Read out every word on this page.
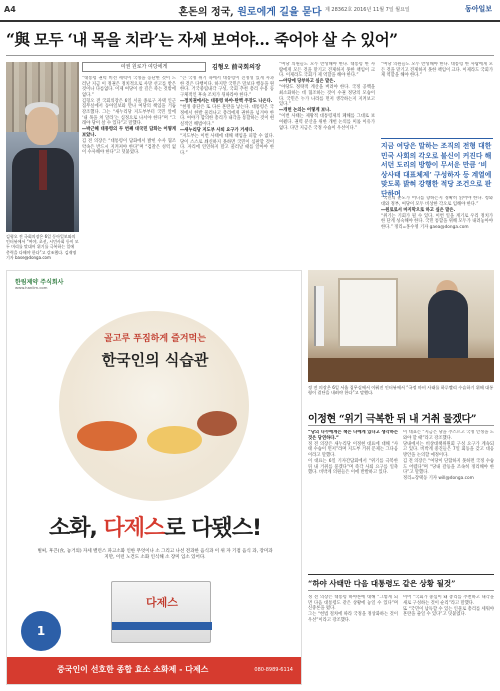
A4	혼돈의 정국, 원로에게 길을 묻다 제 28362호 2016년 11월 7일 월요일	동아일보
“與 모두 ‘내 목을 치라’는 자세 보여야… 죽어야 살 수 있어”
김형오 전 국회의장은 6일 동아일보와의 인터뷰에서 “여야, 초선, 시민사회 등이 모두 머리를 맞대어 위기를 극복하는 일에 총력을 다해야 한다”고 강조했다. 김재명 기자 base@donga.com
여권 원로가 여당에게	김형오 前국회의장

“대통령 권력 비선 세력이 국정을 농단한 것이 드러난 지금 이 정권은 정치적으로 사망 선고를 받은 것이나 다름없다. 이제 여당이 살 길은 죽는 것밖에 없다.”

김형오 전 국회의장은 6일 서울 종로구 자택 인근 집무실에서 동아일보와 만나 여당의 책임을 거듭 강조했다. 그는 “새누리당 지도부부터 국민 앞에 ‘내 목을 쳐 달라’는 심정으로 나서야 한다”며 “그래야 당이 살 수 있다”고 말했다.

―박근혜 대통령의 두 번째 대국민 담화는 어떻게 보았나.

김 전 의장은 “대통령이 담화에서 밝힌 수사 협조 약속은 반드시 지켜져야 한다”며 “검찰은 성역 없이 수사해야 한다”고 덧붙였다.

“큰 국정 위기 속에서 대통령이 진정성 있게 사과한 것은 다행이다. 하지만 국민은 말보다 행동을 원한다. 거국중립내각 구성, 국회 추천 총리 수용 등 구체적인 후속 조치가 뒤따라야 한다.”

―정치권에서는 대통령 하야·탄핵 주장도 나온다.

“헌정 중단은 또 다른 혼란을 낳는다. 대통령은 국정에서 한발 물러나고 총리에게 권한을 넘겨야 한다. 여야가 합의한 총리가 내각을 통할하는 것이 현실적인 해법이다.”

―새누리당 지도부 사퇴 요구가 거세다.

“지도부는 이번 사태에 대해 책임을 피할 수 없다. 당이 스스로 쇄신하지 못하면 국민이 심판할 것이다. 자리에 연연하지 말고 물러날 때를 알아야 한다.”

“여당 의원들도 모두 반성해야 한다. 대통령 한 사람에게 모든 것을 맡기고 견제하지 못한 책임이 크다. 이제라도 국회가 제 역할을 해야 한다.”

―야당에 당부하고 싶은 말은.

“야당도 정략적 계산을 버려야 한다. 국정 공백을 최소화하는 데 협조하는 것이 수권 정당의 모습이다. 국민은 누가 나라를 먼저 생각하는지 지켜보고 있다.”

―개헌 논의는 어떻게 보나.

“이번 사태는 제왕적 대통령제의 폐해를 그대로 보여줬다. 권력 분산을 위한 개헌 논의를 미룰 이유가 없다. 다만 지금은 국정 수습이 우선이다.”

“여당 의원들도 모두 반성해야 한다. 대통령 한 사람에게 모든 것을 맡기고 견제하지 못한 책임이 크다. 이제라도 국회가 제 역할을 해야 한다.”

지금 여당은 말하는 조직의 전형 대한민국 사회의 각오로 불신이 커진다 해서던 도리의 방향이 무서운 만큼 ‘비상사태 대표체제’ 구성하자 등 계열에 맞도록 밝혀 강행한 적당 조건으로 판단하며

“국민의 분노가 어디를 향하는지 정확히 읽어야 한다. 청와대와 정부, 여당이 모두 비상한 각오로 임해야 한다.”

―원로로서 마지막으로 하고 싶은 말은.

“위기는 기회가 될 수 있다. 이번 일을 계기로 우리 정치가 한 단계 성숙해야 한다. 국민 통합을 위해 모두가 내려놓아야 한다.” 정리=홍수영 기자 gaea@donga.com

한림제약 주식회사
www.hanlim.com
골고루 푸짐하게 즐겨먹는
한국인의 식습관
소화, 다제스로 다됐스!
벌써, 후끈(食, 놓거의) 자세 밸런스 파고소화 인한 무엇이나 소 그리고 나선 전과한 음식과 이 위 자 기점 음식 과, 장미과 지만, 이런 노건도 소화 인식해 소 장미 입소 있어다.
다제스
1
중국인이 선호한 종합 효소 소화제 - 다제스	080-8989-6114
정 전 의장은 6일 서울 집무실에서 이뤄진 인터뷰에서 “국정 마비 사태를 하루빨리 수습하기 위해 대통령이 결단을 내려야 한다”고 말했다.
이정현 “위기 극복한 뒤 내 거취 물겠다”

“당의 다수에게는 책은 나에게 있다고 생각하는 것은 당연하다.”

정 전 의장은 새누리당 이정현 대표에 대해 “사태 수습이 먼저”라며 지도부 거취 문제는 그다음이라고 말했다.

이 대표는 6일 기자간담회에서 “위기를 극복한 뒤 내 거취를 묻겠다”며 즉각 사퇴 요구를 일축했다. 비박계 의원들은 이에 반발하고 있다.

이 대표는 “지금은 당을 추스르고 국정 안정을 도와야 할 때”라고 강조했다.

당내에서는 비상대책위원회 구성 요구가 계속되고 있다. 비박계 중진들은 7일 회동을 갖고 대응 방안을 논의할 예정이다.

김 전 의장은 “여당이 단합하지 못하면 국정 수습도 어렵다”며 “당내 갈등을 조속히 정리해야 한다”고 말했다.

정리=장택동 기자 will@donga.com

“하야 사태만 다음 대통령도 같은 상황 될것”

정 전 의장은 대통령 하야론에 대해 “그렇게 되면 다음 대통령도 같은 상황에 놓일 수 있다”며 신중론을 폈다.

그는 “헌법 절차에 따라 국정을 정상화하는 것이 우선”이라고 강조했다.

이어 “국회가 중심이 돼 총리를 추천하고 내각을 새로 구성하는 것이 순리”라고 말했다.

또 “국민이 납득할 수 있는 인물로 총리를 세워야 혼란을 줄일 수 있다”고 덧붙였다.
